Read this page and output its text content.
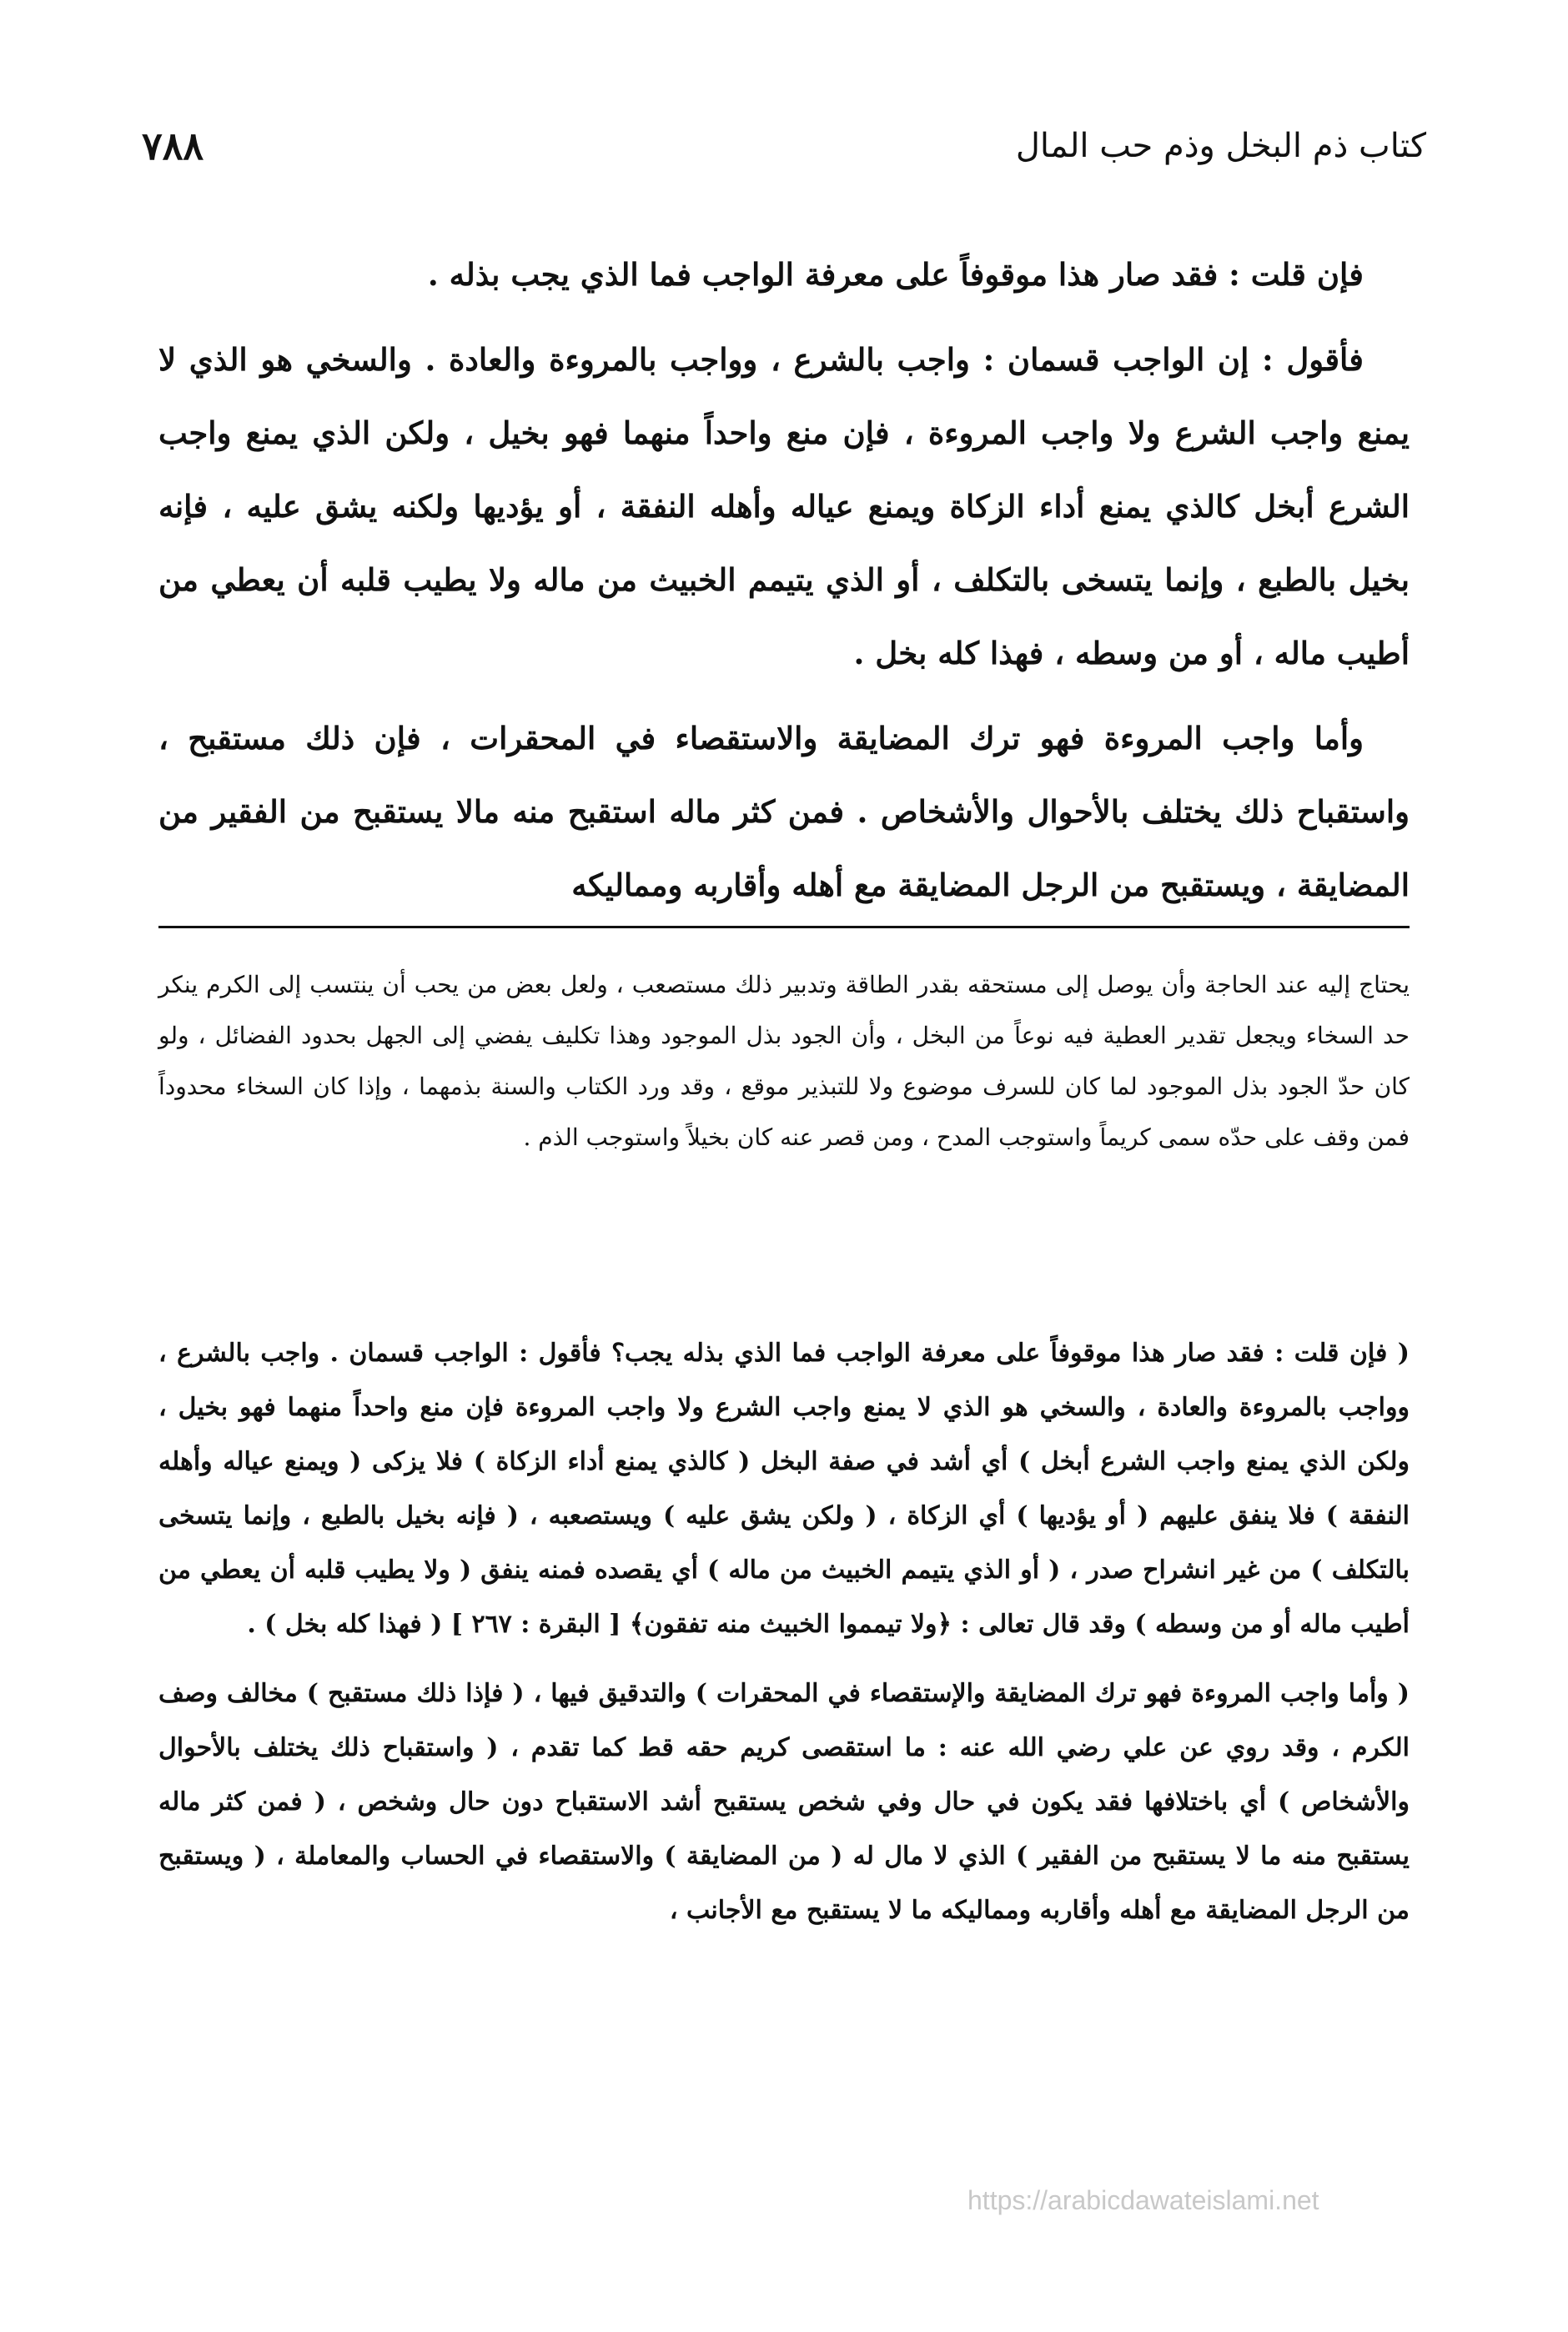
كتاب ذم البخل وذم حب المال
٧٨٨

فإن قلت : فقد صار هذا موقوفاً على معرفة الواجب فما الذي يجب بذله .

فأقول : إن الواجب قسمان : واجب بالشرع ، وواجب بالمروءة والعادة . والسخي هو الذي لا يمنع واجب الشرع ولا واجب المروءة ، فإن منع واحداً منهما فهو بخيل ، ولكن الذي يمنع واجب الشرع أبخل كالذي يمنع أداء الزكاة ويمنع عياله وأهله النفقة ، أو يؤديها ولكنه يشق عليه ، فإنه بخيل بالطبع ، وإنما يتسخى بالتكلف ، أو الذي يتيمم الخبيث من ماله ولا يطيب قلبه أن يعطي من أطيب ماله ، أو من وسطه ، فهذا كله بخل .

وأما واجب المروءة فهو ترك المضايقة والاستقصاء في المحقرات ، فإن ذلك مستقبح ، واستقباح ذلك يختلف بالأحوال والأشخاص . فمن كثر ماله استقبح منه مالا يستقبح من الفقير من المضايقة ، ويستقبح من الرجل المضايقة مع أهله وأقاربه ومماليكه

يحتاج إليه عند الحاجة وأن يوصل إلى مستحقه بقدر الطاقة وتدبير ذلك مستصعب ، ولعل بعض من يحب أن ينتسب إلى الكرم ينكر حد السخاء ويجعل تقدير العطية فيه نوعاً من البخل ، وأن الجود بذل الموجود وهذا تكليف يفضي إلى الجهل بحدود الفضائل ، ولو كان حدّ الجود بذل الموجود لما كان للسرف موضوع ولا للتبذير موقع ، وقد ورد الكتاب والسنة بذمهما ، وإذا كان السخاء محدوداً فمن وقف على حدّه سمى كريماً واستوجب المدح ، ومن قصر عنه كان بخيلاً واستوجب الذم .

( فإن قلت : فقد صار هذا موقوفاً على معرفة الواجب فما الذي بذله يجب؟ فأقول : الواجب قسمان . واجب بالشرع ، وواجب بالمروءة والعادة ، والسخي هو الذي لا يمنع واجب الشرع ولا واجب المروءة فإن منع واحداً منهما فهو بخيل ، ولكن الذي يمنع واجب الشرع أبخل ) أي أشد في صفة البخل ( كالذي يمنع أداء الزكاة ) فلا يزكى ( ويمنع عياله وأهله النفقة ) فلا ينفق عليهم ( أو يؤديها ) أي الزكاة ، ( ولكن يشق عليه ) ويستصعبه ، ( فإنه بخيل بالطبع ، وإنما يتسخى بالتكلف ) من غير انشراح صدر ، ( أو الذي يتيمم الخبيث من ماله ) أي يقصده فمنه ينفق ( ولا يطيب قلبه أن يعطي من أطيب ماله أو من وسطه ) وقد قال تعالى : ﴿ولا تيمموا الخبيث منه تفقون﴾ [ البقرة : ٢٦٧ ] ( فهذا كله بخل ) .

( وأما واجب المروءة فهو ترك المضايقة والإستقصاء في المحقرات ) والتدقيق فيها ، ( فإذا ذلك مستقبح ) مخالف وصف الكرم ، وقد روي عن علي رضي الله عنه : ما استقصى كريم حقه قط كما تقدم ، ( واستقباح ذلك يختلف بالأحوال والأشخاص ) أي باختلافها فقد يكون في حال وفي شخص يستقبح أشد الاستقباح دون حال وشخص ، ( فمن كثر ماله يستقبح منه ما لا يستقبح من الفقير ) الذي لا مال له ( من المضايقة ) والاستقصاء في الحساب والمعاملة ، ( ويستقبح من الرجل المضايقة مع أهله وأقاربه ومماليكه ما لا يستقبح مع الأجانب ،

https://arabicdawateislami.net
